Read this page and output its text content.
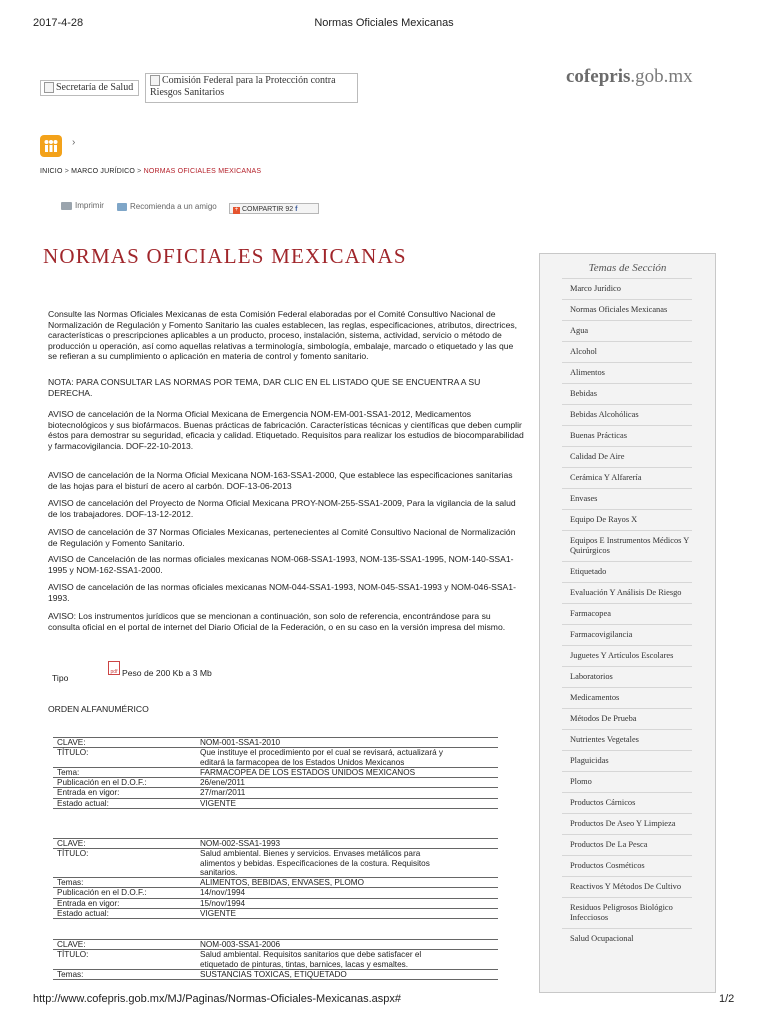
2017-4-28	Normas Oficiales Mexicanas
Secretaría de Salud
Comisión Federal para la Protección contra Riesgos Sanitarios
cofepris.gob.mx
›
INICIO > MARCO JURÍDICO > NORMAS OFICIALES MEXICANAS
Imprimir	Recomienda a un amigo	+ COMPARTIR 92 f
NORMAS OFICIALES MEXICANAS
Consulte las Normas Oficiales Mexicanas de esta Comisión Federal elaboradas por el Comité Consultivo Nacional de Normalización de Regulación y Fomento Sanitario las cuales establecen, las reglas, especificaciones, atributos, directrices, características o prescripciones aplicables a un producto, proceso, instalación, sistema, actividad, servicio o método de producción u operación, así como aquellas relativas a terminología, simbología, embalaje, marcado o etiquetado y las que se refieran a su cumplimiento o aplicación en materia de control y fomento sanitario.
NOTA: PARA CONSULTAR LAS NORMAS POR TEMA, DAR CLIC EN EL LISTADO QUE SE ENCUENTRA A SU DERECHA.
AVISO de cancelación de la Norma Oficial Mexicana de Emergencia NOM-EM-001-SSA1-2012, Medicamentos biotecnológicos y sus biofármacos. Buenas prácticas de fabricación. Características técnicas y científicas que deben cumplir éstos para demostrar su seguridad, eficacia y calidad. Etiquetado. Requisitos para realizar los estudios de biocomparabilidad y farmacovigilancia. DOF-22-10-2013.
AVISO de cancelación de la Norma Oficial Mexicana NOM-163-SSA1-2000, Que establece las especificaciones sanitarias de las hojas para el bisturí de acero al carbón. DOF-13-06-2013
AVISO de cancelación del Proyecto de Norma Oficial Mexicana PROY-NOM-255-SSA1-2009, Para la vigilancia de la salud de los trabajadores. DOF-13-12-2012.
AVISO de cancelación de 37 Normas Oficiales Mexicanas, pertenecientes al Comité Consultivo Nacional de Normalización de Regulación y Fomento Sanitario.
AVISO de Cancelación de las normas oficiales mexicanas NOM-068-SSA1-1993, NOM-135-SSA1-1995, NOM-140-SSA1-1995 y NOM-162-SSA1-2000.
AVISO de cancelación de las normas oficiales mexicanas NOM-044-SSA1-1993, NOM-045-SSA1-1993 y NOM-046-SSA1-1993.
AVISO: Los instrumentos jurídicos que se mencionan a continuación, son solo de referencia, encontrándose para su consulta oficial en el portal de internet del Diario Oficial de la Federación, o en su caso en la versión impresa del mismo.
pdf
Tipo	Peso de 200 Kb a 3 Mb
ORDEN ALFANUMÉRICO
CLAVE:	NOM-001-SSA1-2010
TÍTULO:	Que instituye el procedimiento por el cual se revisará, actualizará y editará la farmacopea de los Estados Unidos Mexicanos

Tema:	FARMACOPEA DE LOS ESTADOS UNIDOS MEXICANOS
Publicación en el D.O.F.:	26/ene/2011
Entrada en vigor:	27/mar/2011
Estado actual:	VIGENTE
CLAVE:	NOM-002-SSA1-1993
TÍTULO:	Salud ambiental. Bienes y servicios. Envases metálicos para alimentos y bebidas. Especificaciones de la costura. Requisitos sanitarios.

Temas:	ALIMENTOS, BEBIDAS, ENVASES, PLOMO
Publicación en el D.O.F.:	14/nov/1994
Entrada en vigor:	15/nov/1994
Estado actual:	VIGENTE
CLAVE:	NOM-003-SSA1-2006
TÍTULO:	Salud ambiental. Requisitos sanitarios que debe satisfacer el etiquetado de pinturas, tintas, barnices, lacas y esmaltes.

Temas:	SUSTANCIAS TOXICAS, ETIQUETADO
Temas de Sección
Marco Jurídico
Normas Oficiales Mexicanas
Agua
Alcohol
Alimentos
Bebidas
Bebidas Alcohólicas
Buenas Prácticas
Calidad De Aire
Cerámica Y Alfarería
Envases
Equipo De Rayos X
Equipos E Instrumentos Médicos Y Quirúrgicos
Etiquetado
Evaluación Y Análisis De Riesgo
Farmacopea
Farmacovigilancia
Juguetes Y Artículos Escolares
Laboratorios
Medicamentos
Métodos De Prueba
Nutrientes Vegetales
Plaguicidas
Plomo
Productos Cárnicos
Productos De Aseo Y Limpieza
Productos De La Pesca
Productos Cosméticos
Reactivos Y Métodos De Cultivo
Residuos Peligrosos Biológico Infecciosos
Salud Ocupacional
http://www.cofepris.gob.mx/MJ/Paginas/Normas-Oficiales-Mexicanas.aspx#	1/2
